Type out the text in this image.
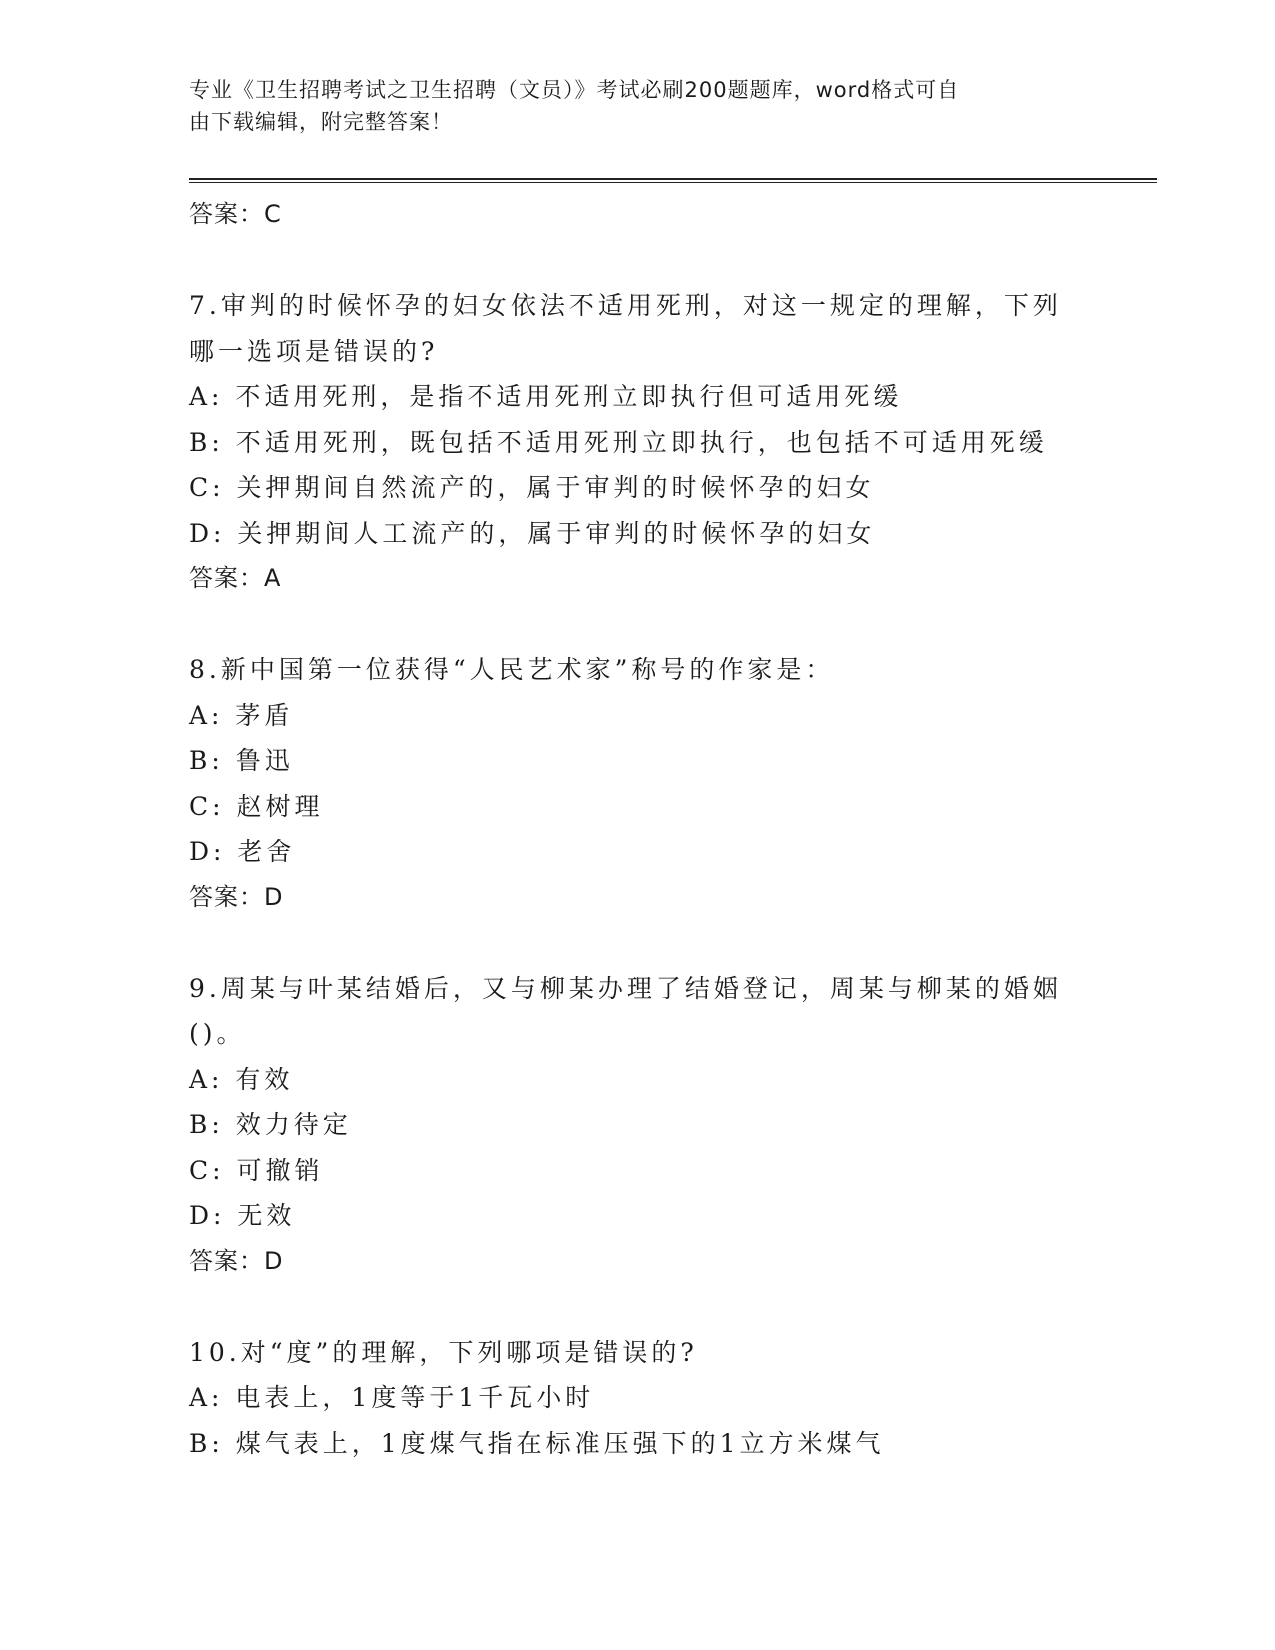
专业《卫生招聘考试之卫生招聘（文员）》考试必刷200题题库，word格式可自
由下载编辑，附完整答案！
答案：C
7.审判的时候怀孕的妇女依法不适用死刑，对这一规定的理解，下列
哪一选项是错误的?
A: 不适用死刑，是指不适用死刑立即执行但可适用死缓
B: 不适用死刑，既包括不适用死刑立即执行，也包括不可适用死缓
C: 关押期间自然流产的，属于审判的时候怀孕的妇女
D: 关押期间人工流产的，属于审判的时候怀孕的妇女
答案：A
8.新中国第一位获得“人民艺术家”称号的作家是：
A: 茅盾
B: 鲁迅
C: 赵树理
D: 老舍
答案：D
9.周某与叶某结婚后，又与柳某办理了结婚登记，周某与柳某的婚姻
()。
A: 有效
B: 效力待定
C: 可撤销
D: 无效
答案：D
10.对“度”的理解，下列哪项是错误的?
A: 电表上，1度等于1千瓦小时
B: 煤气表上，1度煤气指在标准压强下的1立方米煤气
